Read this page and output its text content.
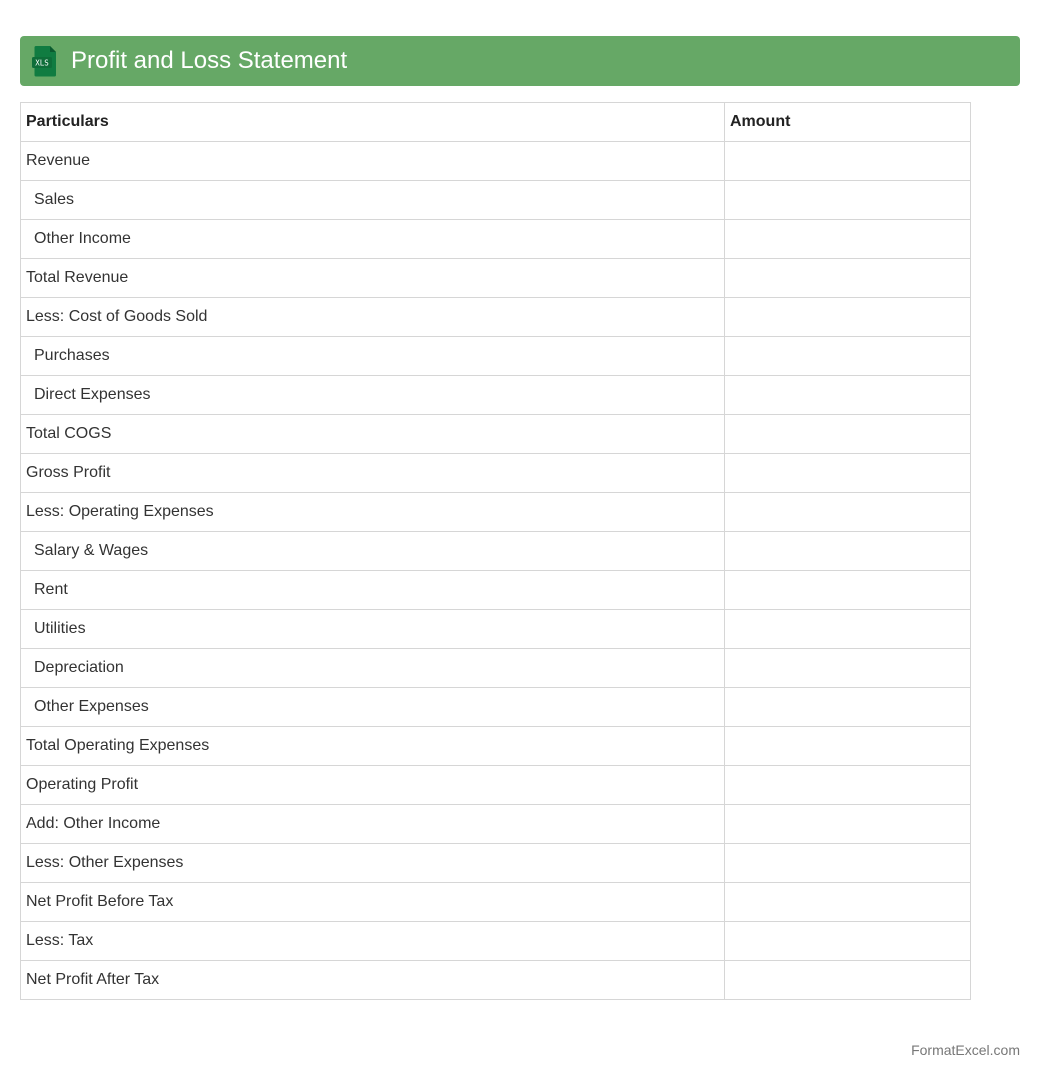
XLS Profit and Loss Statement
Particulars	Amount
Revenue	
Sales	
Other Income	
Total Revenue	
Less: Cost of Goods Sold	
Purchases	
Direct Expenses	
Total COGS	
Gross Profit	
Less: Operating Expenses	
Salary & Wages	
Rent	
Utilities	
Depreciation	
Other Expenses	
Total Operating Expenses	
Operating Profit	
Add: Other Income	
Less: Other Expenses	
Net Profit Before Tax	
Less: Tax	
Net Profit After Tax	
FormatExcel.com
